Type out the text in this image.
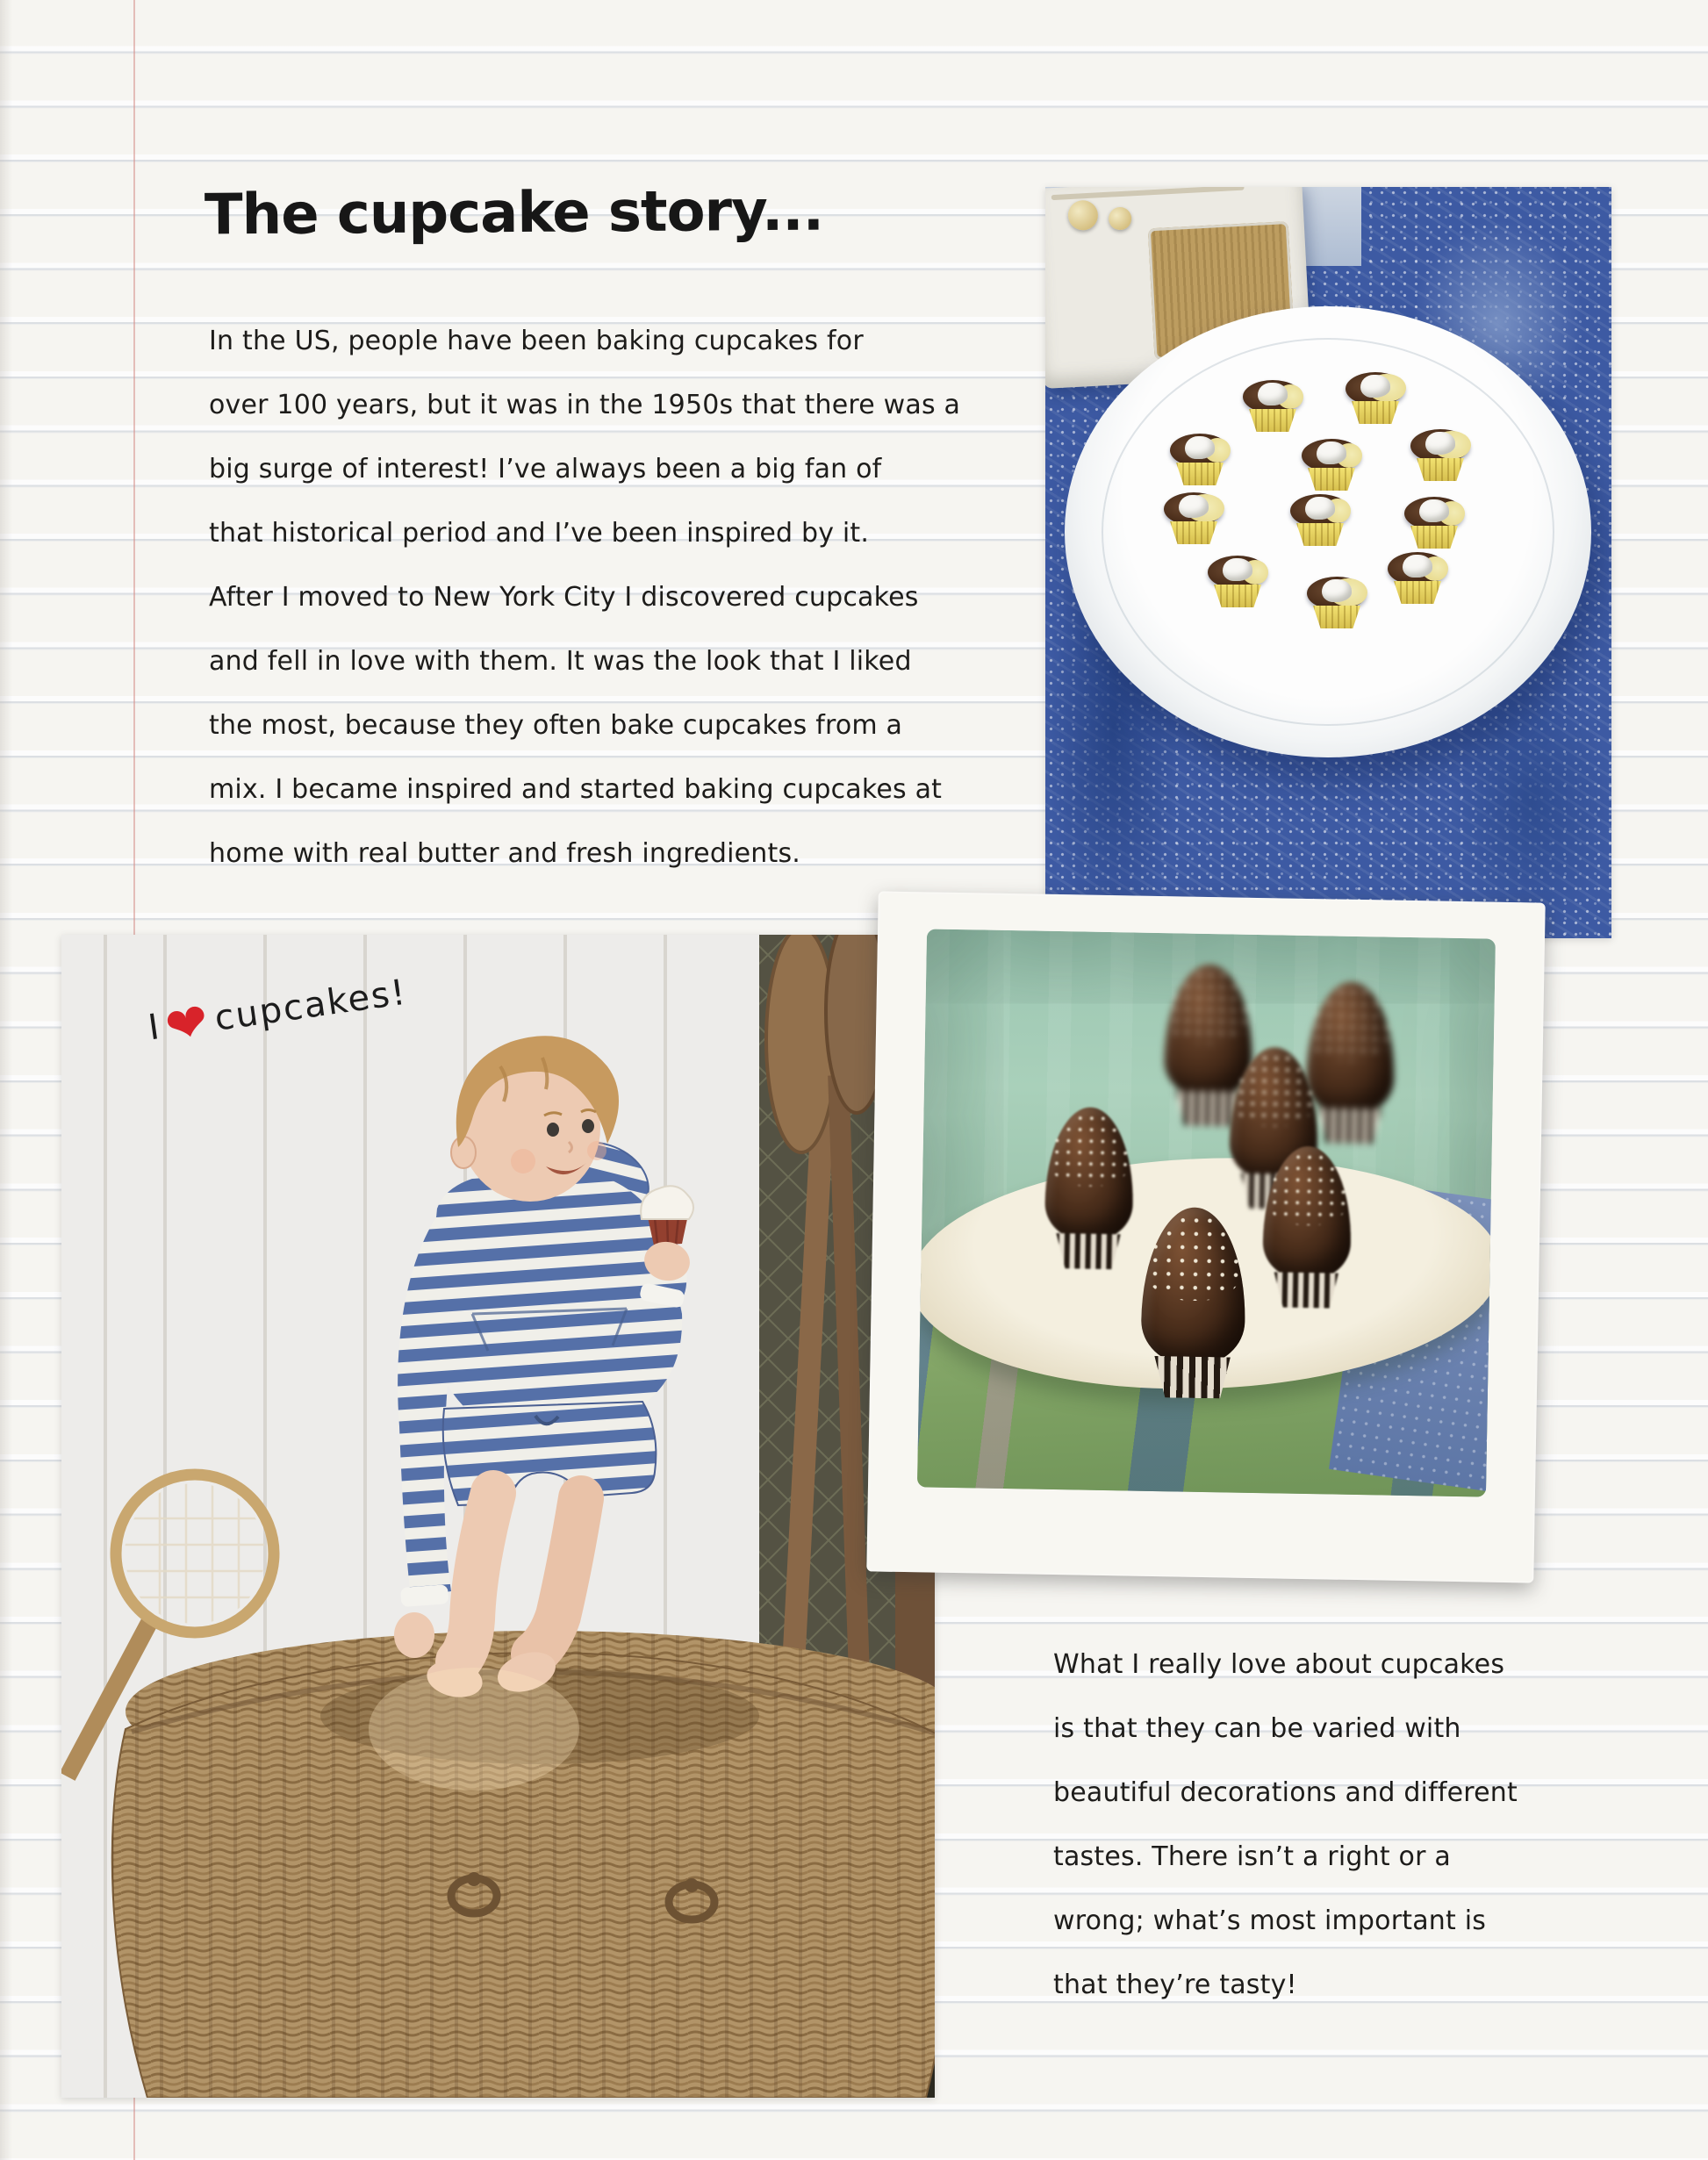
The cupcake story...
In the US, people have been baking cupcakes for
over 100 years, but it was in the 1950s that there was a
big surge of interest! I’ve always been a big fan of
that historical period and I’ve been inspired by it.
After I moved to New York City I discovered cupcakes
and fell in love with them. It was the look that I liked
the most, because they often bake cupcakes from a
mix. I became inspired and started baking cupcakes at
home with real butter and fresh ingredients.
I❤cupcakes!
What I really love about cupcakes
is that they can be varied with
beautiful decorations and different
tastes. There isn’t a right or a
wrong; what’s most important is
that they’re tasty!
